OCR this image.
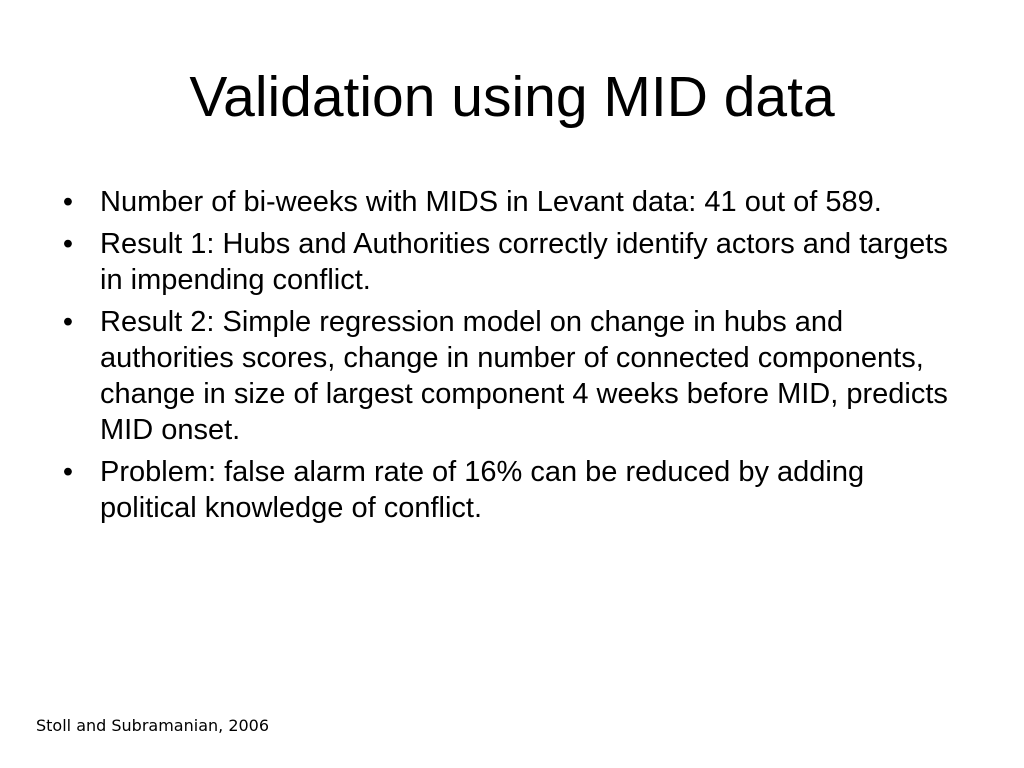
Validation using MID data
• Number of bi-weeks with MIDS in Levant data: 41 out of 589.
• Result 1: Hubs and Authorities correctly identify actors and targets in impending conflict.
• Result 2: Simple regression model on change in hubs and authorities scores, change in number of connected components, change in size of largest component 4 weeks before MID, predicts MID onset.
• Problem: false alarm rate of 16% can be reduced by adding political knowledge of conflict.
Stoll and Subramanian, 2006
